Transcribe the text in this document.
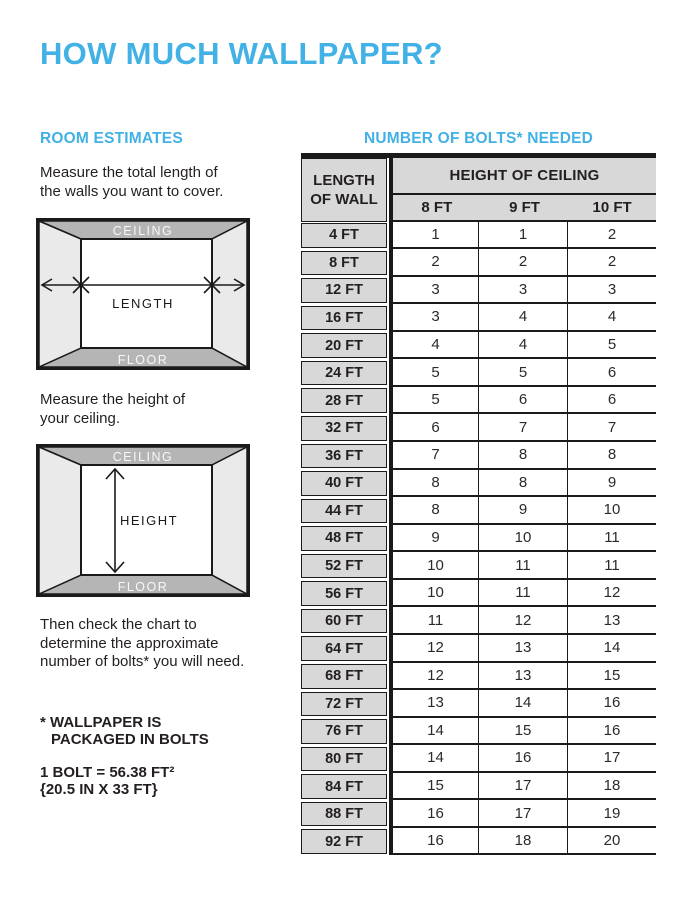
HOW MUCH WALLPAPER?
ROOM ESTIMATES	NUMBER OF BOLTS* NEEDED
Measure the total length of
the walls you want to cover.
CEILING
FLOOR
LENGTH
Measure the height of
your ceiling.
HEIGHT
CEILING
FLOOR
Then check the chart to
determine the approximate
number of bolts* you will need.
* WALLPAPER IS
PACKAGED IN BOLTS
1 BOLT = 56.38 FT²
{20.5 IN X 33 FT}
LENGTH
OF WALL
HEIGHT OF CEILING
8 FT	9 FT	10 FT
4 FT	1	1	2
8 FT	2	2	2
12 FT	3	3	3
16 FT	3	4	4
20 FT	4	4	5
24 FT	5	5	6
28 FT	5	6	6
32 FT	6	7	7
36 FT	7	8	8
40 FT	8	8	9
44 FT	8	9	10
48 FT	9	10	11
52 FT	10	11	11
56 FT	10	11	12
60 FT	11	12	13
64 FT	12	13	14
68 FT	12	13	15
72 FT	13	14	16
76 FT	14	15	16
80 FT	14	16	17
84 FT	15	17	18
88 FT	16	17	19
92 FT	16	18	20
